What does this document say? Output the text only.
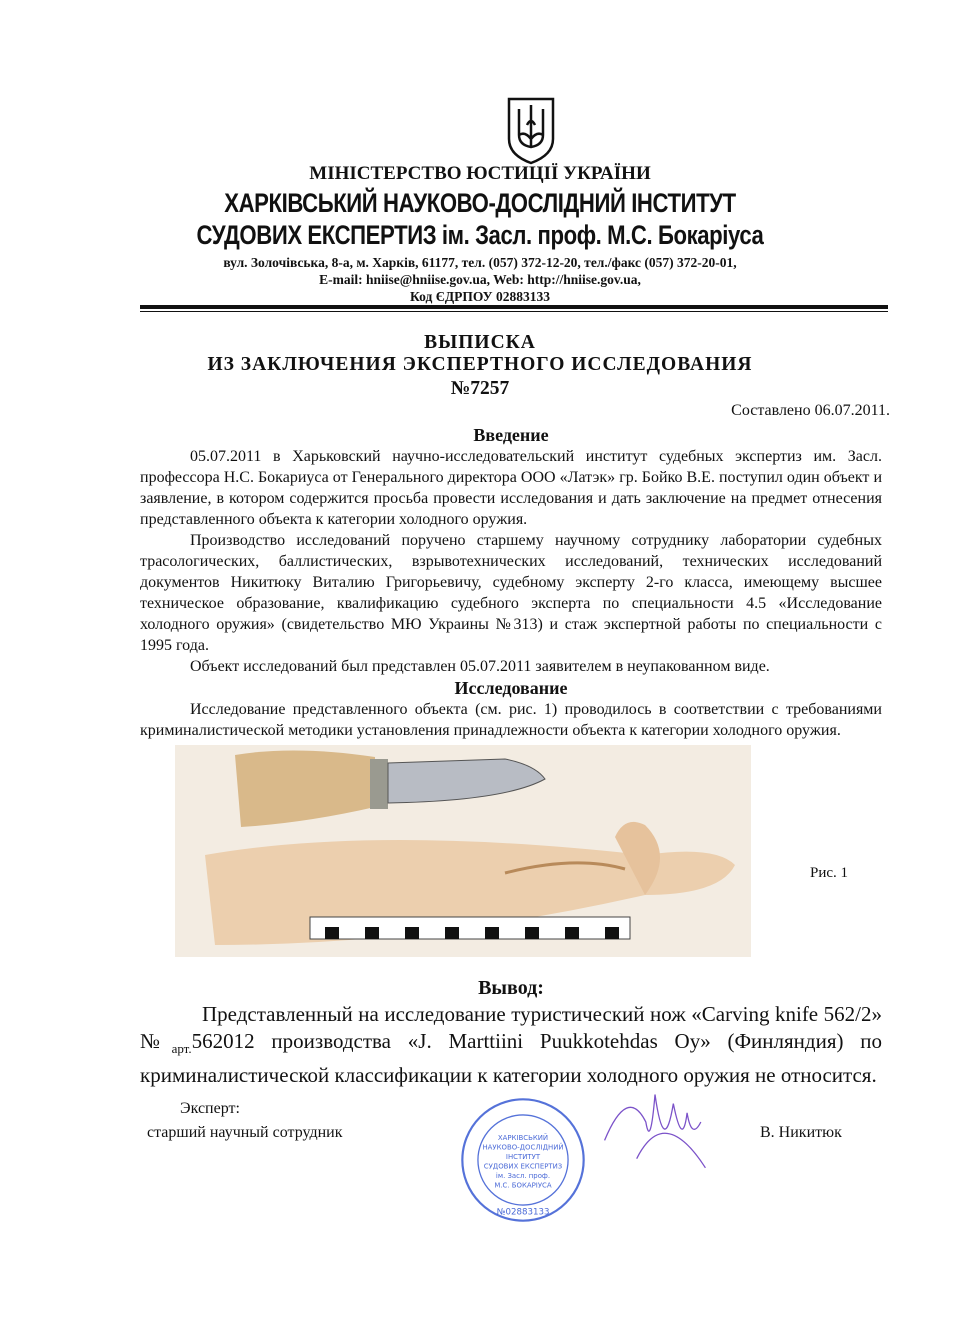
МІНІСТЕРСТВО ЮСТИЦІЇ УКРАЇНИ
ХАРКІВСЬКИЙ НАУКОВО-ДОСЛІДНИЙ ІНСТИТУТ
СУДОВИХ ЕКСПЕРТИЗ ім. Засл. проф. М.С. Бокаріуса
вул. Золочівська, 8-а, м. Харків, 61177, тел. (057) 372-12-20, тел./факс (057) 372-20-01,
E-mail: hniise@hniise.gov.ua, Web: http://hniise.gov.ua,
Код ЄДРПОУ 02883133
ВЫПИСКА
ИЗ ЗАКЛЮЧЕНИЯ ЭКСПЕРТНОГО ИССЛЕДОВАНИЯ
№7257
Составлено 06.07.2011.
Введение

05.07.2011 в Харьковский научно-исследовательский институт судебных экспертиз им. Засл. профессора Н.С. Бокариуса от Генерального директора ООО «Латэк» гр. Бойко В.Е. поступил один объект и заявление, в котором содержится просьба провести исследования и дать заключение на предмет отнесения представленного объекта к категории холодного оружия.

Производство исследований поручено старшему научному сотруднику лаборатории судебных трасологических, баллистических, взрывотехнических исследований, технических исследований документов Никитюку Виталию Григорьевичу, судебному эксперту 2-го класса, имеющему высшее техническое образование, квалификацию судебного эксперта по специальности 4.5 «Исследование холодного оружия» (свидетельство МЮ Украины №313) и стаж экспертной работы по специальности с 1995 года.

Объект исследований был представлен 05.07.2011 заявителем в неупакованном виде.

Исследование

Исследование представленного объекта (см. рис. 1) проводилось в соответствии с требованиями криминалистической методики установления принадлежности объекта к категории холодного оружия.

Рис. 1
Вывод:

Представленный на исследование туристический нож «Carving knife 562/2» $№_{арт.}562012$ производства «J. Marttiini Puukkotehdas Oy» (Финляндия) по криминалистической классификации к категории холодного оружия не относится.

Эксперт:
старший научный сотрудник	В. Никитюк
ХАРКІВСЬКИЙ
НАУКОВО-ДОСЛІДНИЙ
ІНСТИТУТ
СУДОВИХ ЕКСПЕРТИЗ
ім. Засл. проф.
М.С. БОКАРІУСА
№02883133
